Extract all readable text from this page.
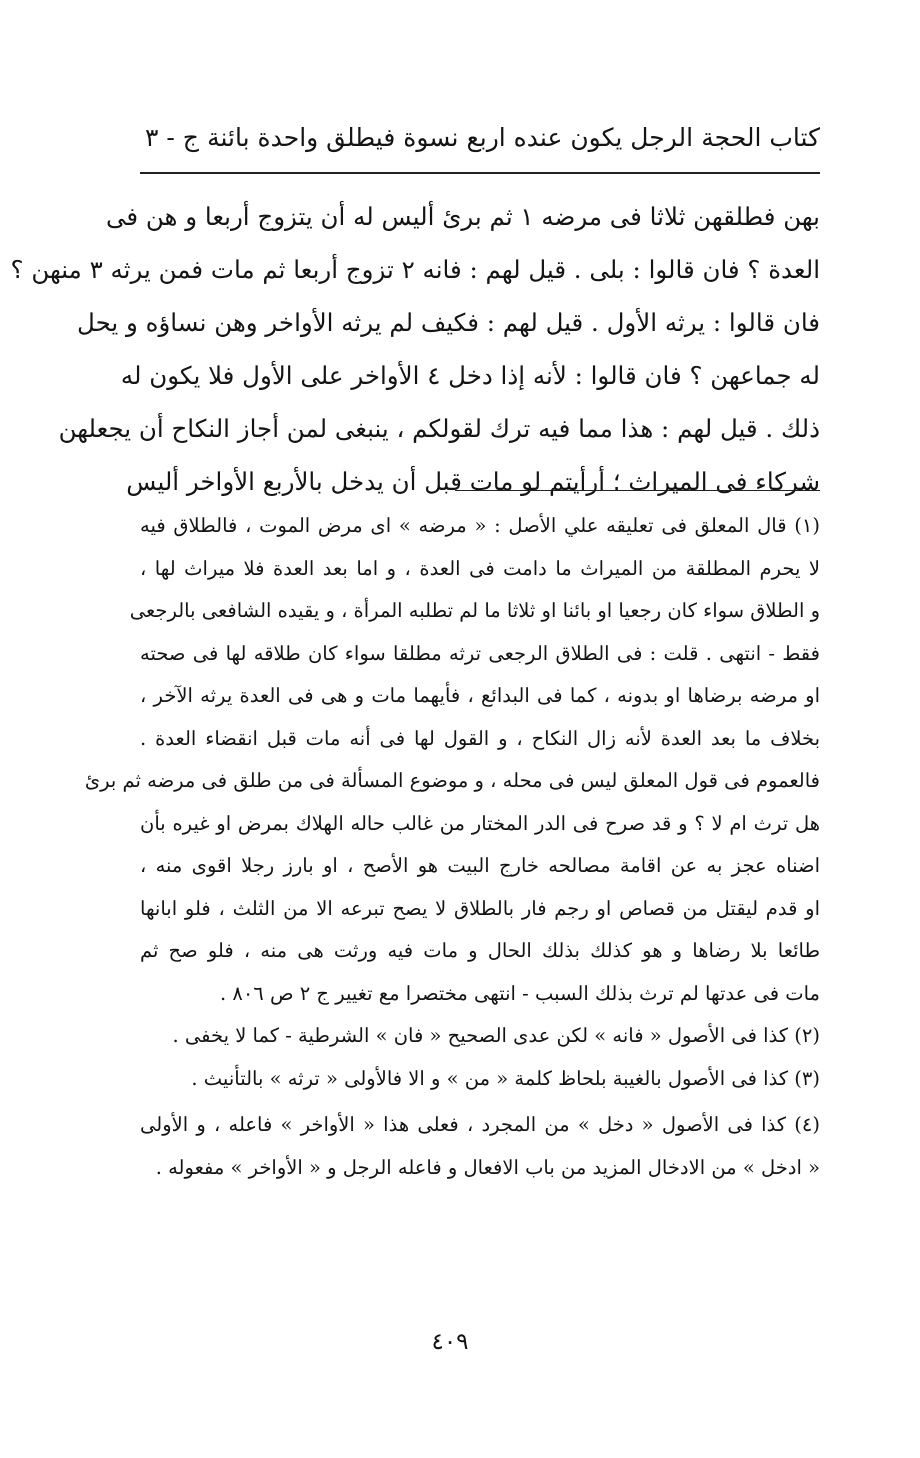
كتاب الحجة
الرجل يكون عنده اربع نسوة فيطلق واحدة بائنة
ج - ٣
بهن فطلقهن ثلاثا فى مرضه ١ ثم برئ أليس له أن يتزوج أربعا و هن فى
العدة ؟ فان قالوا : بلى . قيل لهم : فانه ٢ تزوج أربعا ثم مات فمن يرثه ٣ منهن ؟
فان قالوا : يرثه الأول . قيل لهم : فكيف لم يرثه الأواخر وهن نساؤه و يحل
له جماعهن ؟ فان قالوا : لأنه إذا دخل ٤ الأواخر على الأول فلا يكون له
ذلك . قيل لهم : هذا مما فيه ترك لقولكم ، ينبغى لمن أجاز النكاح أن يجعلهن
شركاء فى الميراث ؛ أرأيتم لو مات قبل أن يدخل بالأربع الأواخر أليس
(١) قال المعلق فى تعليقه علي الأصل : « مرضه » اى مرض الموت ، فالطلاق فيه
لا يحرم المطلقة من الميراث ما دامت فى العدة ، و اما بعد العدة فلا ميراث لها ،
و الطلاق سواء كان رجعيا او بائنا او ثلاثا ما لم تطلبه المرأة ، و يقيده الشافعى بالرجعى
فقط - انتهى . قلت : فى الطلاق الرجعى ترثه مطلقا سواء كان طلاقه لها فى صحته
او مرضه برضاها او بدونه ، كما فى البدائع ، فأيهما مات و هى فى العدة يرثه الآخر ،
بخلاف ما بعد العدة لأنه زال النكاح ، و القول لها فى أنه مات قبل انقضاء العدة .
فالعموم فى قول المعلق ليس فى محله ، و موضوع المسألة فى من طلق فى مرضه ثم برئ
هل ترث ام لا ؟ و قد صرح فى الدر المختار من غالب حاله الهلاك بمرض او غيره بأن
اضناه عجز به عن اقامة مصالحه خارج البيت هو الأصح ، او بارز رجلا اقوى منه ،
او قدم ليقتل من قصاص او رجم فار بالطلاق لا يصح تبرعه الا من الثلث ، فلو ابانها
طائعا بلا رضاها و هو كذلك بذلك الحال و مات فيه ورثت هى منه ، فلو صح ثم
مات فى عدتها لم ترث بذلك السبب - انتهى مختصرا مع تغيير ج ٢ ص ٨٠٦ .
(٢) كذا فى الأصول « فانه » لكن عدى الصحيح « فان » الشرطية - كما لا يخفى .
(٣) كذا فى الأصول بالغيبة بلحاظ كلمة « من » و الا فالأولى « ترثه » بالتأنيث .
(٤) كذا فى الأصول « دخل » من المجرد ، فعلى هذا « الأواخر » فاعله ، و الأولى
« ادخل » من الادخال المزيد من باب الافعال و فاعله الرجل و « الأواخر » مفعوله .
٤٠٩
